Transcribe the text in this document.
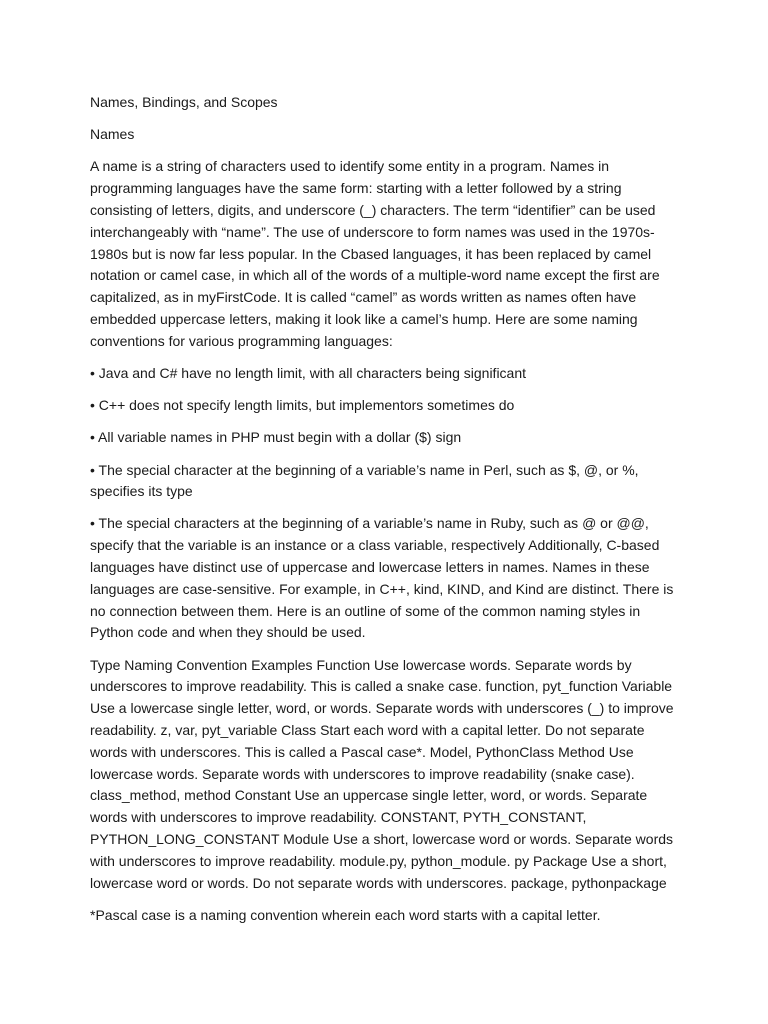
Names, Bindings, and Scopes

Names

A name is a string of characters used to identify some entity in a program. Names in programming languages have the same form: starting with a letter followed by a string consisting of letters, digits, and underscore (_) characters. The term “identifier” can be used interchangeably with “name”. The use of underscore to form names was used in the 1970s-1980s but is now far less popular. In the Cbased languages, it has been replaced by camel notation or camel case, in which all of the words of a multiple-word name except the first are capitalized, as in myFirstCode. It is called “camel” as words written as names often have embedded uppercase letters, making it look like a camel’s hump. Here are some naming conventions for various programming languages:

• Java and C# have no length limit, with all characters being significant

• C++ does not specify length limits, but implementors sometimes do

• All variable names in PHP must begin with a dollar ($) sign

• The special character at the beginning of a variable’s name in Perl, such as $, @, or %, specifies its type

• The special characters at the beginning of a variable’s name in Ruby, such as @ or @@, specify that the variable is an instance or a class variable, respectively Additionally, C-based languages have distinct use of uppercase and lowercase letters in names. Names in these languages are case-sensitive. For example, in C++, kind, KIND, and Kind are distinct. There is no connection between them. Here is an outline of some of the common naming styles in Python code and when they should be used.

Type Naming Convention Examples Function Use lowercase words. Separate words by underscores to improve readability. This is called a snake case. function, pyt_function Variable Use a lowercase single letter, word, or words. Separate words with underscores (_) to improve readability. z, var, pyt_variable Class Start each word with a capital letter. Do not separate words with underscores. This is called a Pascal case*. Model, PythonClass Method Use lowercase words. Separate words with underscores to improve readability (snake case). class_method, method Constant Use an uppercase single letter, word, or words. Separate words with underscores to improve readability. CONSTANT, PYTH_CONSTANT, PYTHON_LONG_CONSTANT Module Use a short, lowercase word or words. Separate words with underscores to improve readability. module.py, python_module. py Package Use a short, lowercase word or words. Do not separate words with underscores. package, pythonpackage

*Pascal case is a naming convention wherein each word starts with a capital letter.
